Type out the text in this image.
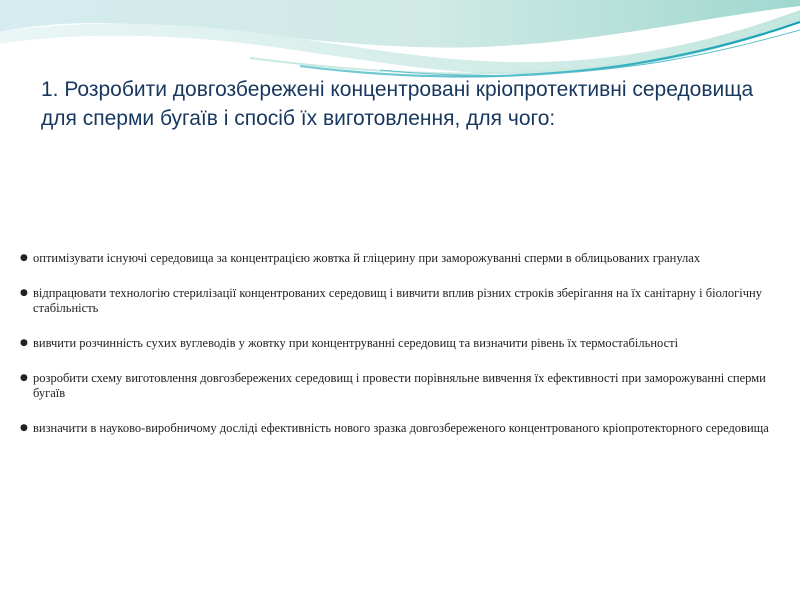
1. Розробити довгозбережені концентровані кріопротективні середовища для сперми бугаїв і спосіб їх виготовлення, для чого:
● оптимізувати існуючі середовища за концентрацією жовтка й гліцерину при заморожуванні сперми в облицьованих гранулах
● відпрацювати технологію стерилізації концентрованих середовищ і вивчити вплив різних строків зберігання на їх санітарну і біологічну стабільність
● вивчити розчинність сухих вуглеводів у жовтку при концентруванні середовищ та визначити рівень їх термостабільності
● розробити схему виготовлення довгозбережених середовищ і провести порівняльне вивчення їх ефективності при заморожуванні сперми бугаїв
● визначити в науково-виробничому досліді ефективність нового зразка довгозбереженого концентрованого кріопротекторного середовища
